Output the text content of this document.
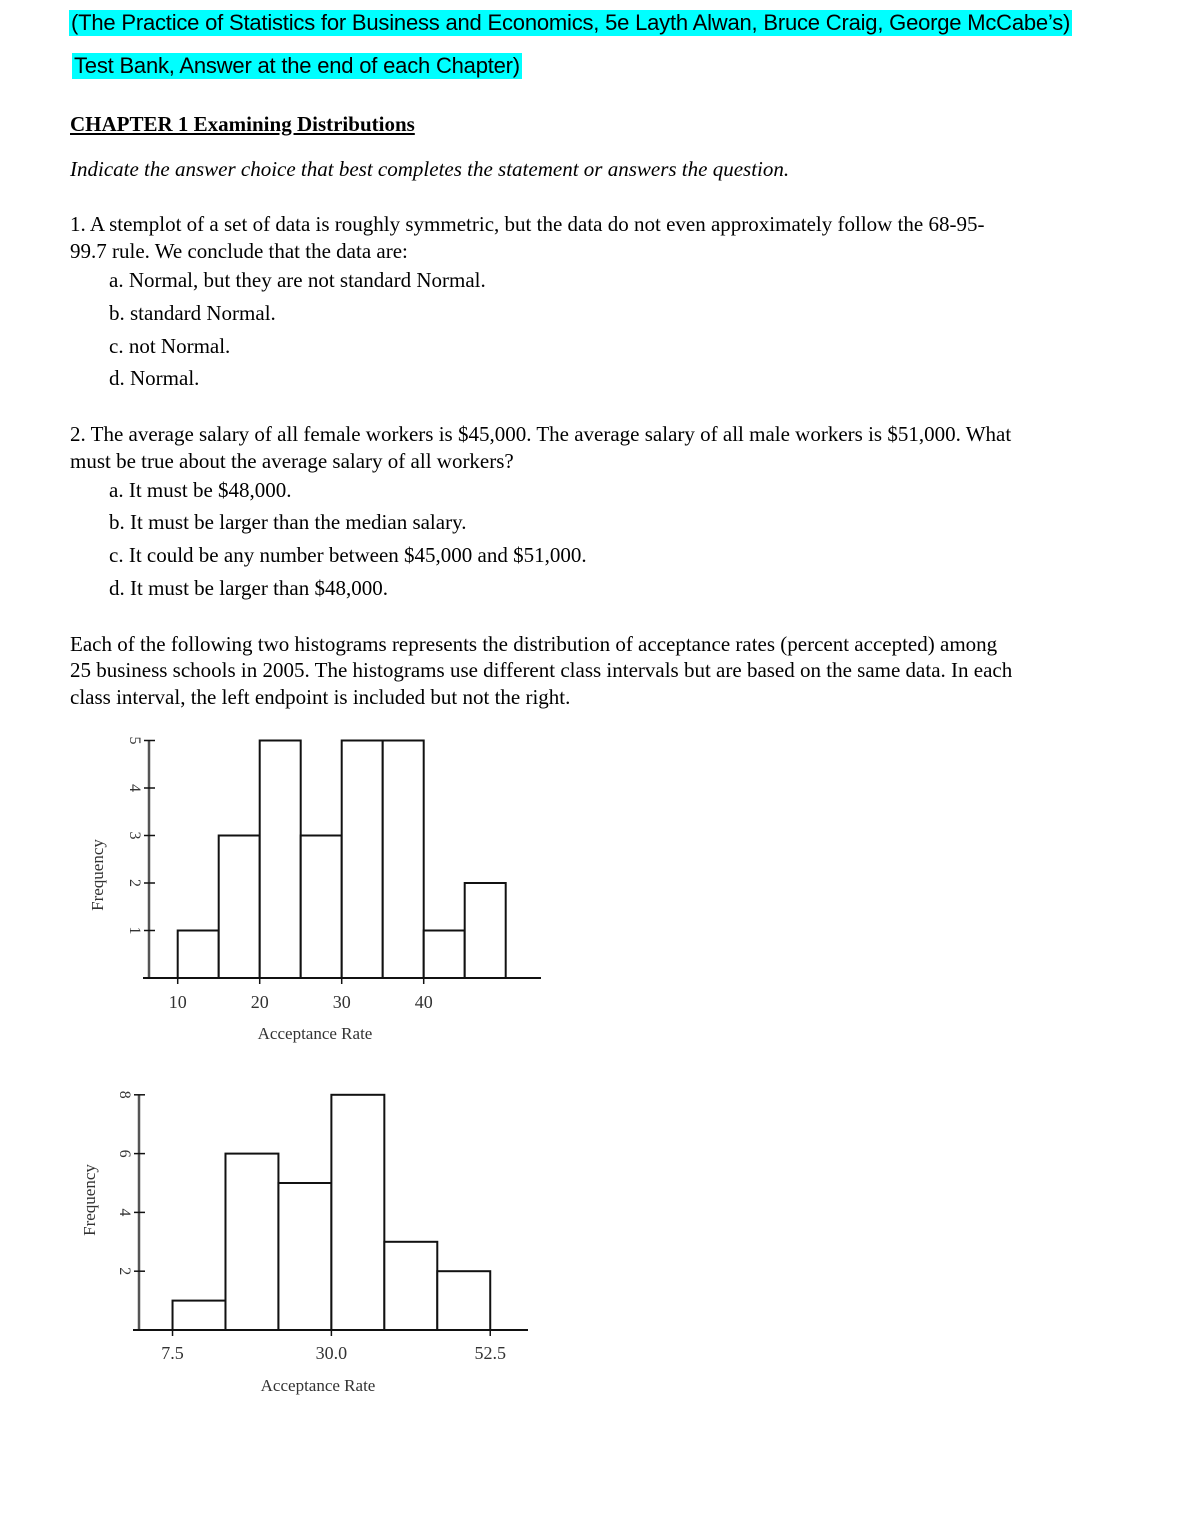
(The Practice of Statistics for Business and Economics, 5e Layth Alwan, Bruce Craig, George McCabe’s)
Test Bank, Answer at the end of each Chapter)
CHAPTER 1 Examining Distributions
Indicate the answer choice that best completes the statement or answers the question.
1. A stemplot of a set of data is roughly symmetric, but the data do not even approximately follow the 68-95-
99.7 rule. We conclude that the data are:
a. Normal, but they are not standard Normal.
b. standard Normal.
c. not Normal.
d. Normal.
2. The average salary of all female workers is $45,000. The average salary of all male workers is $51,000. What
must be true about the average salary of all workers?
a. It must be $48,000.
b. It must be larger than the median salary.
c. It could be any number between $45,000 and $51,000.
d. It must be larger than $48,000.
Each of the following two histograms represents the distribution of acceptance rates (percent accepted) among
25 business schools in 2005. The histograms use different class intervals but are based on the same data. In each
class interval, the left endpoint is included but not the right.
1
2
3
4
5
10	20	30	40
Acceptance Rate
Frequency
2
4
6
8
7.5	30.0	52.5
Acceptance Rate
Frequency
